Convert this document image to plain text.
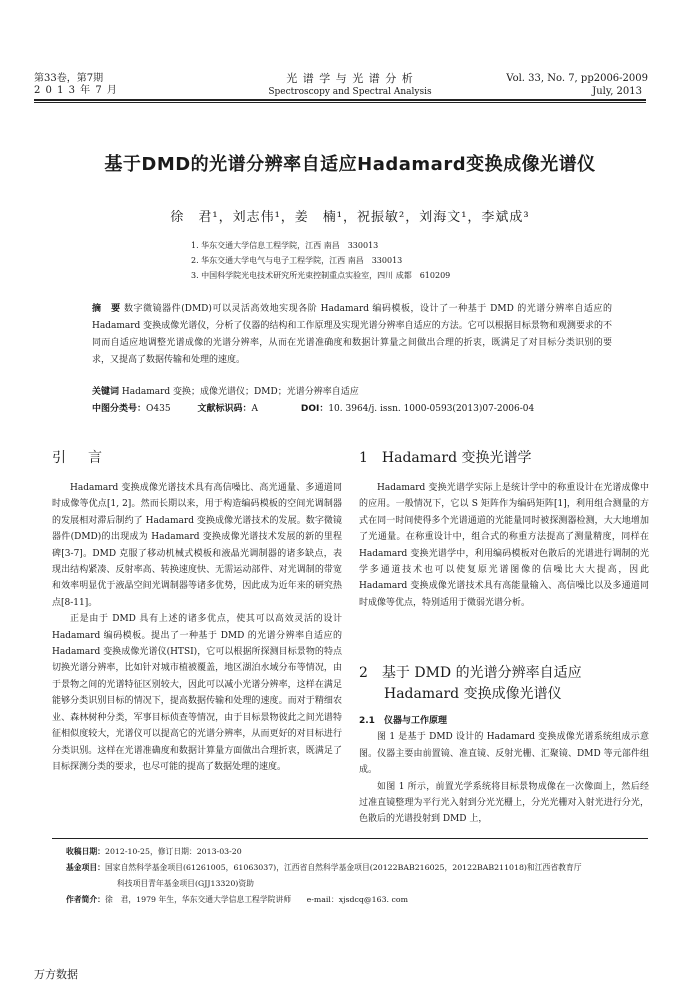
第33卷，第7期
2 0 1 3 年 7 月
光 谱 学 与 光 谱 分 析
Spectroscopy and Spectral Analysis
Vol. 33, No. 7, pp2006-2009
July, 2013
基于DMD的光谱分辨率自适应Hadamard变换成像光谱仪
徐　君¹，刘志伟¹，姜　楠¹，祝振敏²，刘海文¹，李斌成³
1. 华东交通大学信息工程学院，江西 南昌　330013
2. 华东交通大学电气与电子工程学院，江西 南昌　330013
3. 中国科学院光电技术研究所光束控制重点实验室，四川 成都　610209
摘　要 数字微镜器件(DMD)可以灵活高效地实现各阶 Hadamard 编码模板，设计了一种基于 DMD 的光谱分辨率自适应的 Hadamard 变换成像光谱仪，分析了仪器的结构和工作原理及实现光谱分辨率自适应的方法。它可以根据目标景物和观测要求的不同而自适应地调整光谱成像的光谱分辨率，从而在光谱准确度和数据计算量之间做出合理的折衷，既满足了对目标分类识别的要求，又提高了数据传输和处理的速度。
关键词 Hadamard 变换；成像光谱仪；DMD；光谱分辨率自适应
中图分类号：O435	文献标识码：A	DOI：10. 3964/j. issn. 1000-0593(2013)07-2006-04
引　言

Hadamard 变换成像光谱技术具有高信噪比、高光通量、多通道同时成像等优点[1, 2]。然而长期以来，用于构造编码模板的空间光调制器的发展相对滞后制约了 Hadamard 变换成像光谱技术的发展。数字微镜器件(DMD)的出现成为 Hadamard 变换成像光谱技术发展的新的里程碑[3-7]。DMD 克服了移动机械式模板和液晶光调制器的诸多缺点，表现出结构紧凑、反射率高、转换速度快、无需运动部件、对光调制的带宽和效率明显优于液晶空间光调制器等诸多优势，因此成为近年来的研究热点[8-11]。

正是由于 DMD 具有上述的诸多优点，使其可以高效灵活的设计 Hadamard 编码模板。提出了一种基于 DMD 的光谱分辨率自适应的 Hadamard 变换成像光谱仪(HTSI)，它可以根据所探测目标景物的特点切换光谱分辨率，比如针对城市植被覆盖，地区湖泊水域分布等情况，由于景物之间的光谱特征区别较大，因此可以减小光谱分辨率，这样在满足能够分类识别目标的情况下，提高数据传输和处理的速度。而对于精细农业、森林树种分类，军事目标侦查等情况，由于目标景物彼此之间光谱特征相似度较大，光谱仪可以提高它的光谱分辨率，从而更好的对目标进行分类识别。这样在光谱准确度和数据计算量方面做出合理折衷，既满足了目标探测分类的要求，也尽可能的提高了数据处理的速度。

1　Hadamard 变换光谱学

Hadamard 变换光谱学实际上是统计学中的称重设计在光谱成像中的应用。一般情况下，它以 S 矩阵作为编码矩阵[1]，利用组合测量的方式在同一时间使得多个光谱通道的光能量同时被探测器检测，大大地增加了光通量。在称重设计中，组合式的称重方法提高了测量精度，同样在 Hadamard 变换光谱学中，利用编码模板对色散后的光谱进行调制的光学多通道技术也可以使复原光谱图像的信噪比大大提高，因此 Hadamard 变换成像光谱技术具有高能量输入、高信噪比以及多通道同时成像等优点，特别适用于微弱光谱分析。

2　基于 DMD 的光谱分辨率自适应
Hadamard 变换成像光谱仪
2.1　仪器与工作原理

图 1 是基于 DMD 设计的 Hadamard 变换成像光谱系统组成示意图。仪器主要由前置镜、准直镜、反射光栅、汇聚镜、DMD 等元部件组成。

如图 1 所示，前置光学系统将目标景物成像在一次像面上，然后经过准直镜整理为平行光入射到分光光栅上，分光光栅对入射光进行分光，色散后的光谱投射到 DMD 上，

收稿日期：2012-10-25，修订日期：2013-03-20
基金项目：国家自然科学基金项目(61261005，61063037)，江西省自然科学基金项目(20122BAB216025，20122BAB211018)和江西省教育厅
科技项目青年基金项目(GJJ13320)资助
作者简介：徐　君，1979 年生，华东交通大学信息工程学院讲师　　e-mail：xjsdcq@163. com
万方数据
